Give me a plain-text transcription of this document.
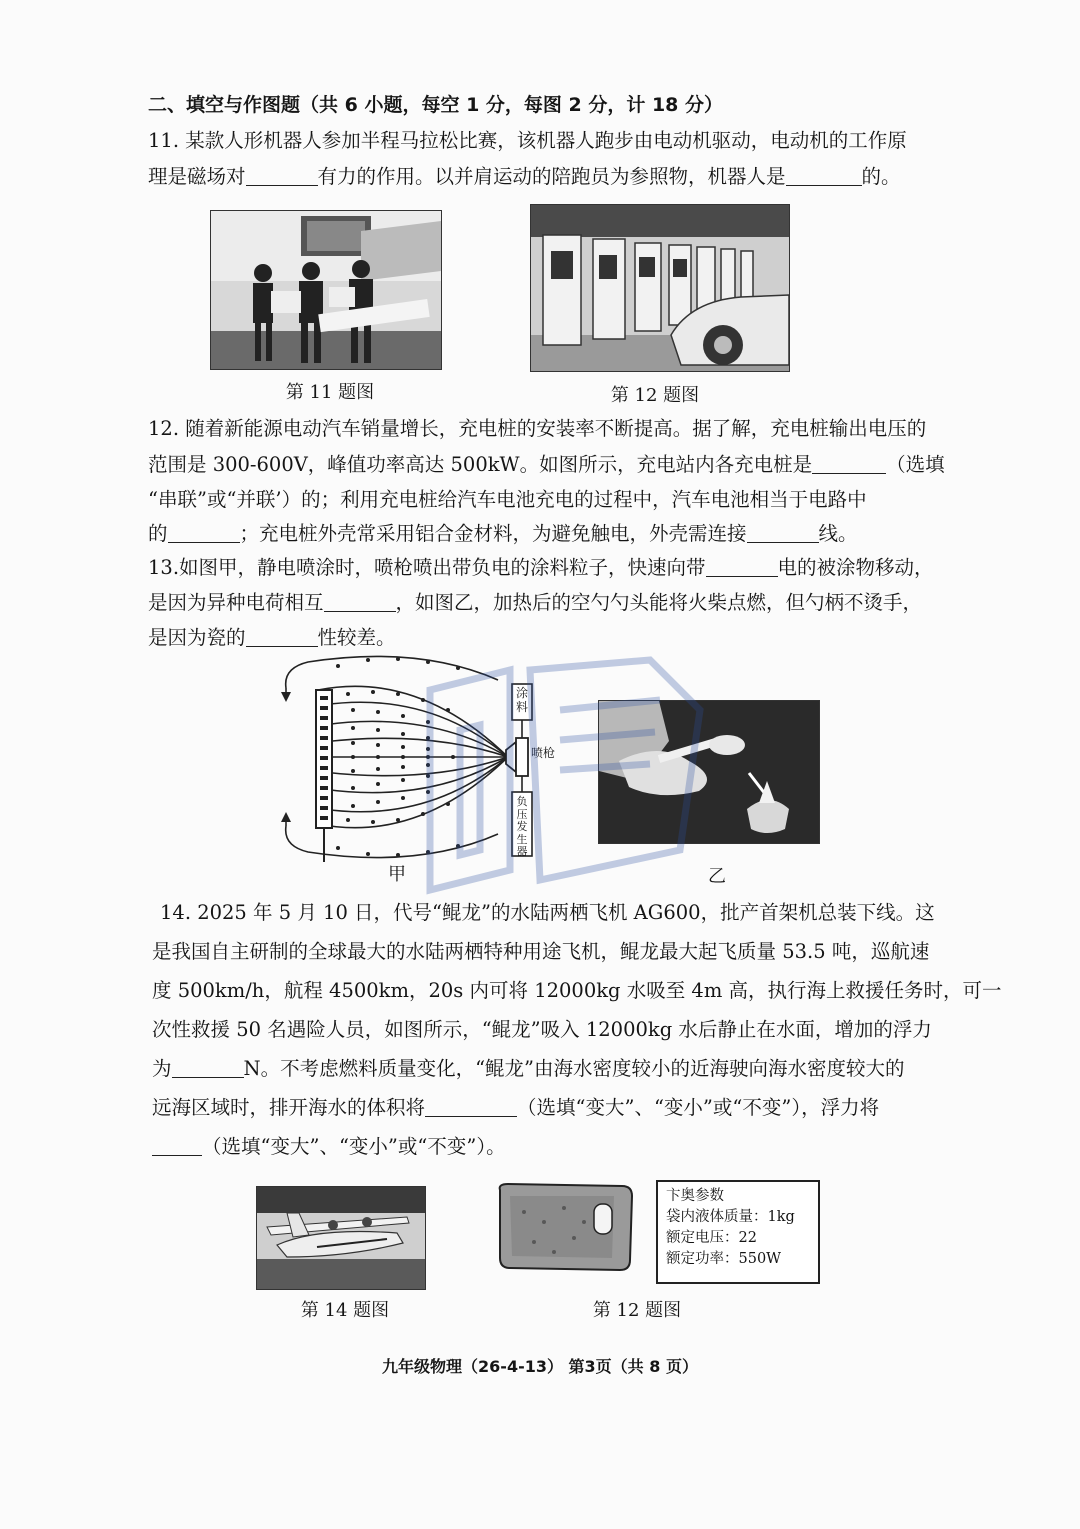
二、填空与作图题（共 6 小题，每空 1 分，每图 2 分，计 18 分）
11. 某款人形机器人参加半程马拉松比赛，该机器人跑步由电动机驱动，电动机的工作原
理是磁场对	有力的作用。以并肩运动的陪跑员为参照物，机器人是	的。
第 11 题图	第 12 题图
12. 随着新能源电动汽车销量增长，充电桩的安装率不断提高。据了解，充电桩输出电压的
范围是 300-600V，峰值功率高达 500kW。如图所示，充电站内各充电桩是	（选填
“串联”或“并联’）的；利用充电桩给汽车电池充电的过程中，汽车电池相当于电路中
的	；充电桩外壳常采用铝合金材料，为避免触电，外壳需连接	线。
13.如图甲，静电喷涂时，喷枪喷出带负电的涂料粒子，快速向带	电的被涂物移动，
是因为异种电荷相互	，如图乙，加热后的空勺勺头能将火柴点燃，但勺柄不烫手，
是因为瓷的	性较差。
涂料
喷枪
负压发生器
甲	乙
14. 2025 年 5 月 10 日，代号“鲲龙”的水陆两栖飞机 AG600，批产首架机总装下线。这
是我国自主研制的全球最大的水陆两栖特种用途飞机，鲲龙最大起飞质量 53.5 吨，巡航速
度 500km/h，航程 4500km，20s 内可将 12000kg 水吸至 4m 高，执行海上救援任务时，可一
次性救援 50 名遇险人员，如图所示，“鲲龙”吸入 12000kg 水后静止在水面，增加的浮力
为	N。不考虑燃料质量变化，“鲲龙”由海水密度较小的近海驶向海水密度较大的
远海区域时，排开海水的体积将	（选填“变大”、“变小”或“不变”），浮力将
（选填“变大”、“变小”或“不变”）。
第 14 题图
卞奥参数
袋内液体质量：1kg
额定电压：22
额定功率：550W
第 12 题图
九年级物理（26-4-13） 第3页（共 8 页）
